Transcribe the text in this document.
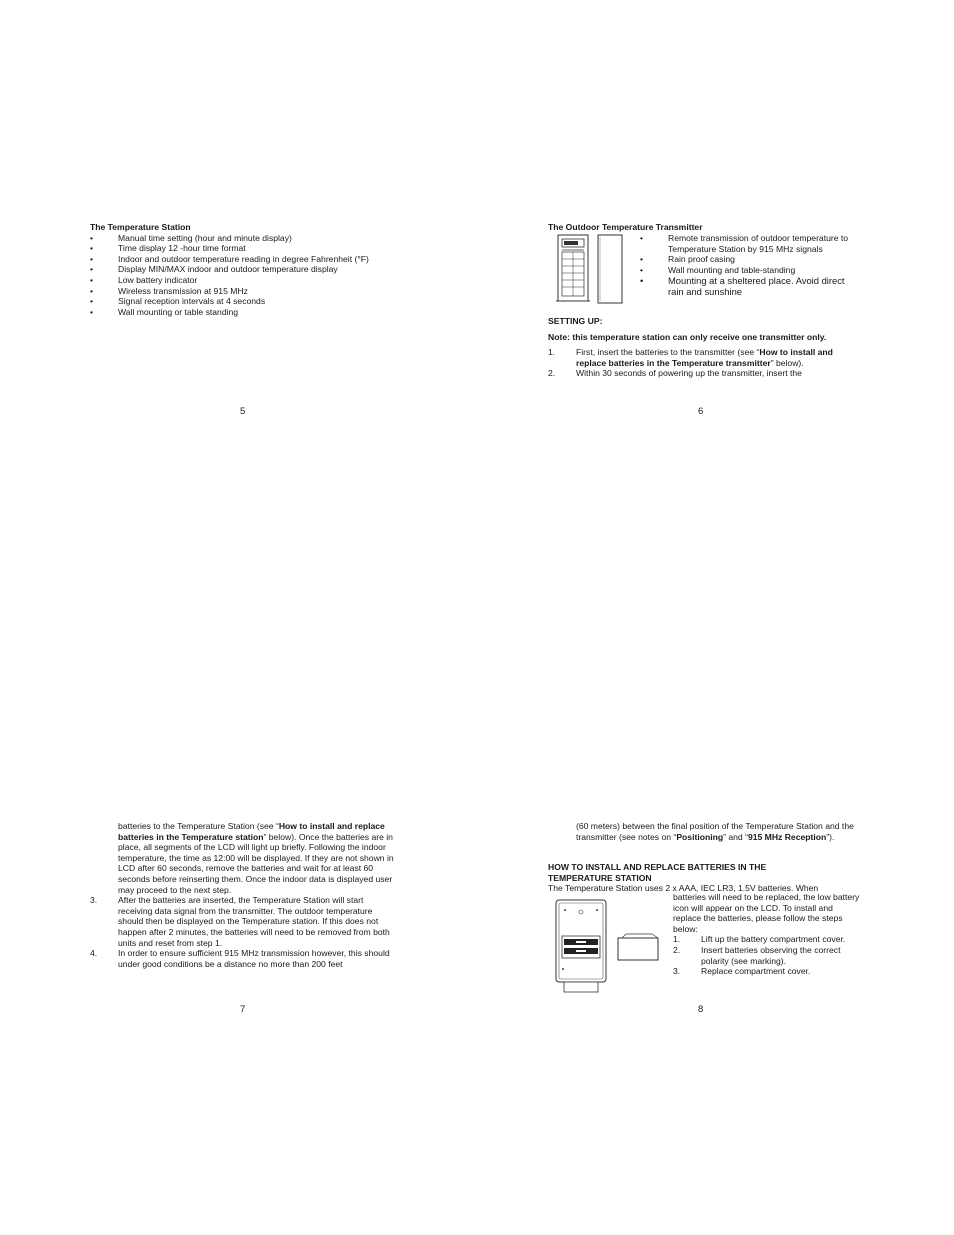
The Temperature Station
• Manual time setting (hour and minute display)
• Time display 12 -hour time format
• Indoor and outdoor temperature reading in degree Fahrenheit (°F)
• Display MIN/MAX indoor and outdoor temperature display
• Low battery indicator
• Wireless transmission at 915 MHz
• Signal reception intervals at 4 seconds
• Wall mounting or table standing
5
The Outdoor Temperature Transmitter
• Remote transmission of outdoor temperature to Temperature Station by 915 MHz signals
• Rain proof casing
• Wall mounting and table-standing
• Mounting at a sheltered place. Avoid direct rain and sunshine
SETTING UP:
Note: this temperature station can only receive one transmitter only.
1. First, insert the batteries to the transmitter (see “How to install and replace batteries in the Temperature transmitter” below).
2. Within 30 seconds of powering up the transmitter, insert the
6

batteries to the Temperature Station (see “How to install and replace batteries in the Temperature station” below). Once the batteries are in place, all segments of the LCD will light up briefly. Following the indoor temperature, the time as 12:00 will be displayed. If they are not shown in LCD after 60 seconds, remove the batteries and wait for at least 60 seconds before reinserting them. Once the indoor data is displayed user may proceed to the next step.

3. After the batteries are inserted, the Temperature Station will start receiving data signal from the transmitter. The outdoor temperature should then be displayed on the Temperature station. If this does not happen after 2 minutes, the batteries will need to be removed from both units and reset from step 1.
4. In order to ensure sufficient 915 MHz transmission however, this should under good conditions be a distance no more than 200 feet
7
(60 meters) between the final position of the Temperature Station and the transmitter (see notes on “Positioning” and “915 MHz Reception”).
HOW TO INSTALL AND REPLACE BATTERIES IN THE
TEMPERATURE STATION
The Temperature Station uses 2 x AAA, IEC LR3, 1.5V batteries. When

batteries will need to be replaced, the low battery icon will appear on the LCD. To install and replace the batteries, please follow the steps below:

1. Lift up the battery compartment cover.
2. Insert batteries observing the correct polarity (see marking).
3. Replace compartment cover.
8
